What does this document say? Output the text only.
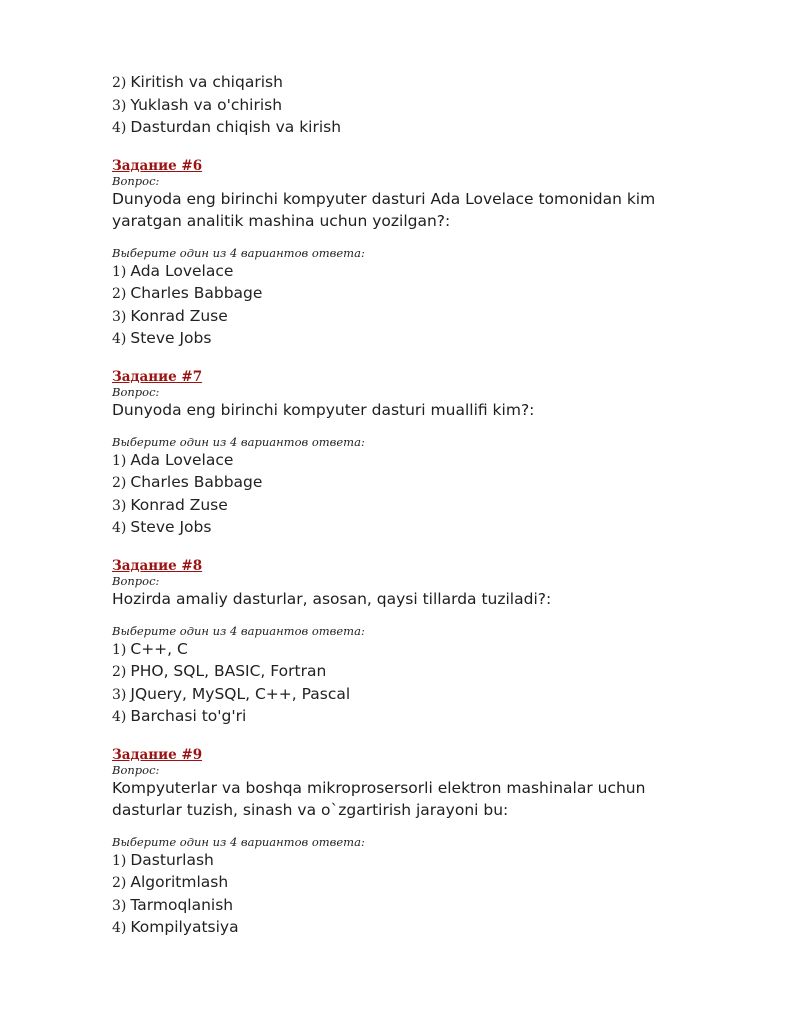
2) Kiritish va chiqarish
3) Yuklash va o'chirish
4) Dasturdan chiqish va kirish
Задание #6
Вопрос:
Dunyoda eng birinchi kompyuter dasturi Ada Lovelace tomonidan kim yaratgan analitik mashina uchun yozilgan?:
Выберите один из 4 вариантов ответа:
1) Ada Lovelace
2) Charles Babbage
3) Konrad Zuse
4) Steve Jobs
Задание #7
Вопрос:
Dunyoda eng birinchi kompyuter dasturi muallifi kim?:
Выберите один из 4 вариантов ответа:
1) Ada Lovelace
2) Charles Babbage
3) Konrad Zuse
4) Steve Jobs
Задание #8
Вопрос:
Hozirda amaliy dasturlar, asosan, qaysi tillarda tuziladi?:
Выберите один из 4 вариантов ответа:
1) C++, C
2) PHO, SQL, BASIC, Fortran
3) JQuery, MySQL, C++, Pascal
4) Barchasi to'g'ri
Задание #9
Вопрос:
Kompyuterlar va boshqa mikroprosersorli elektron mashinalar uchun dasturlar tuzish, sinash va o`zgartirish jarayoni bu:
Выберите один из 4 вариантов ответа:
1) Dasturlash
2) Algoritmlash
3) Tarmoqlanish
4) Kompilyatsiya
